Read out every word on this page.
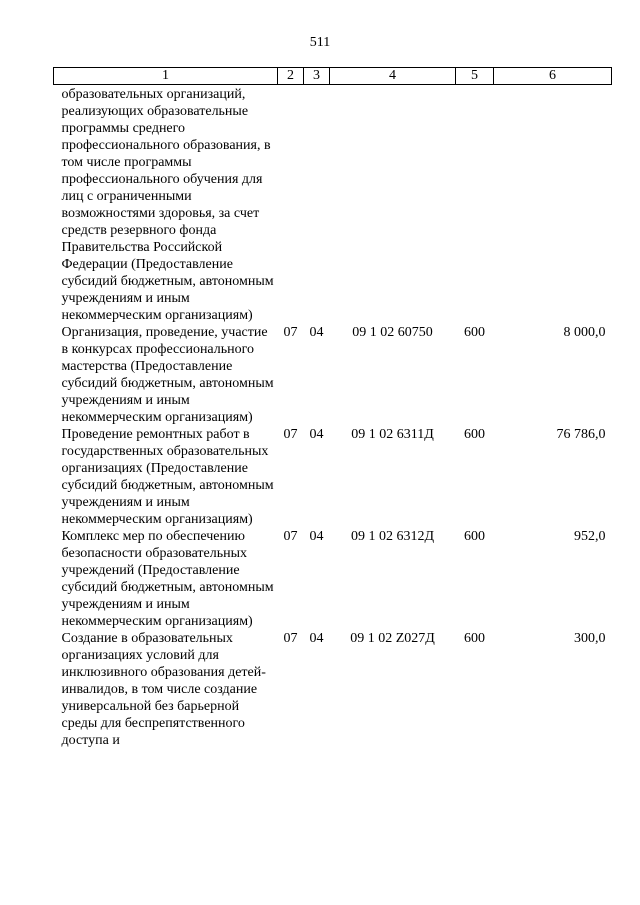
511
1	2	3	4	5	6
образовательных организаций, реализующих образовательные программы среднего профессионального образования, в том числе программы профессионального обучения для лиц с ограниченными возможностями здоровья, за счет средств резервного фонда Правительства Российской Федерации (Предоставление субсидий бюджетным, автономным учреждениям и иным некоммерческим организациям)					
Организация, проведение, участие в конкурсах профессионального мастерства (Предоставление субсидий бюджетным, автономным учреждениям и иным некоммерческим организациям)	07	04	09 1 02 60750	600	8 000,0
Проведение ремонтных работ в государственных образовательных организациях (Предоставление субсидий бюджетным, автономным учреждениям и иным некоммерческим организациям)	07	04	09 1 02 6311Д	600	76 786,0
Комплекс мер по обеспечению безопасности образовательных учреждений (Предоставление субсидий бюджетным, автономным учреждениям и иным некоммерческим организациям)	07	04	09 1 02 6312Д	600	952,0
Создание в образовательных организациях условий для инклюзивного образования детей-инвалидов, в том числе создание универсальной без барьерной среды для беспрепятственного доступа и	07	04	09 1 02 Z027Д	600	300,0
